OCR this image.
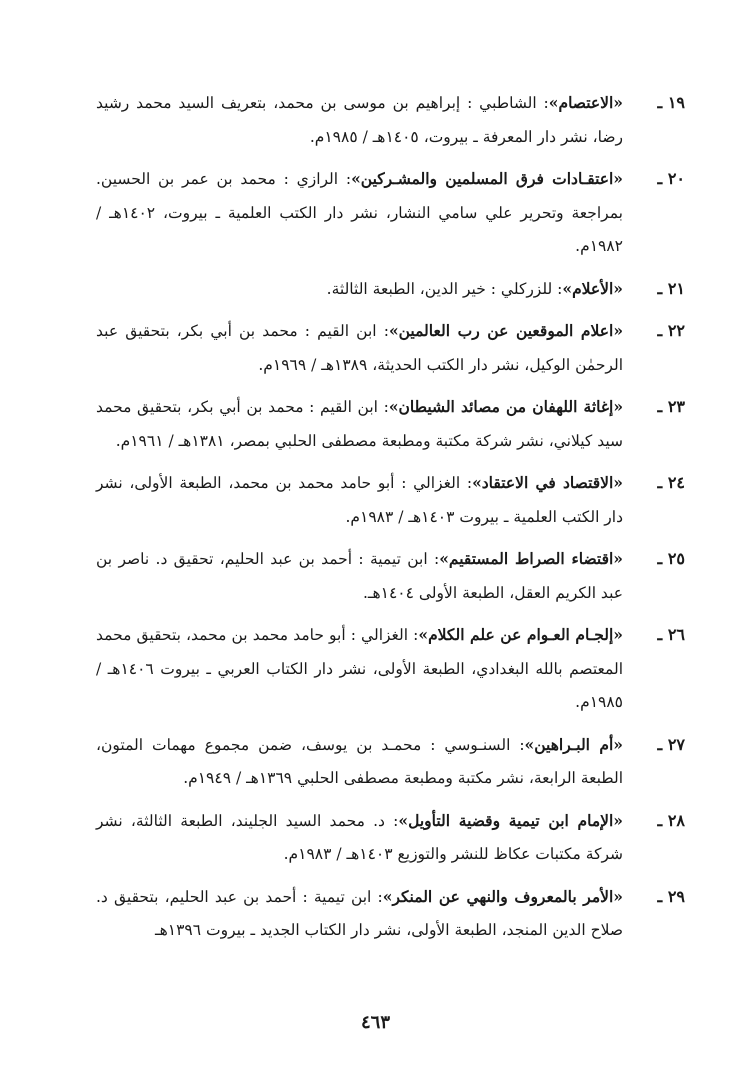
١٩ ـ
«الاعتصام»: الشاطبي : إبراهيم بن موسى بن محمد، بتعريف السيد محمد رشيد رضا، نشر دار المعرفة ـ بيروت، ١٤٠٥هـ / ١٩٨٥م.
٢٠ ـ
«اعتقـادات فرق المسلمين والمشـركين»: الرازي : محمد بن عمر بن الحسين. بمراجعة وتحرير علي سامي النشار، نشر دار الكتب العلمية ـ بيروت، ١٤٠٢هـ / ١٩٨٢م.
٢١ ـ
«الأعلام»: للزركلي : خير الدين، الطبعة الثالثة.
٢٢ ـ
«اعلام الموقعين عن رب العالمين»: ابن القيم : محمد بن أبي بكر، بتحقيق عبد الرحمٰن الوكيل، نشر دار الكتب الحديثة، ١٣٨٩هـ / ١٩٦٩م.
٢٣ ـ
«إغاثة اللهفان من مصائد الشيطان»: ابن القيم : محمد بن أبي بكر، بتحقيق محمد سيد كيلاني، نشر شركة مكتبة ومطبعة مصطفى الحلبي بمصر، ١٣٨١هـ / ١٩٦١م.
٢٤ ـ
«الاقتصاد في الاعتقاد»: الغزالي : أبو حامد محمد بن محمد، الطبعة الأولى، نشر دار الكتب العلمية ـ بيروت ١٤٠٣هـ / ١٩٨٣م.
٢٥ ـ
«اقتضاء الصراط المستقيم»: ابن تيمية : أحمد بن عبد الحليم، تحقيق د. ناصر بن عبد الكريم العقل، الطبعة الأولى ١٤٠٤هـ.
٢٦ ـ
«إلجـام العـوام عن علم الكلام»: الغزالي : أبو حامد محمد بن محمد، بتحقيق محمد المعتصم بالله البغدادي، الطبعة الأولى، نشر دار الكتاب العربي ـ بيروت ١٤٠٦هـ / ١٩٨٥م.
٢٧ ـ
«أم البـراهين»: السنـوسي : محمـد بن يوسف، ضمن مجموع مهمات المتون، الطبعة الرابعة، نشر مكتبة ومطبعة مصطفى الحلبي ١٣٦٩هـ / ١٩٤٩م.
٢٨ ـ
«الإمام ابن تيمية وقضية التأويل»: د. محمد السيد الجليند، الطبعة الثالثة، نشر شركة مكتبات عكاظ للنشر والتوزيع ١٤٠٣هـ / ١٩٨٣م.
٢٩ ـ
«الأمر بالمعروف والنهي عن المنكر»: ابن تيمية : أحمد بن عبد الحليم، بتحقيق د. صلاح الدين المنجد، الطبعة الأولى، نشر دار الكتاب الجديد ـ بيروت ١٣٩٦هـ
٤٦٣
